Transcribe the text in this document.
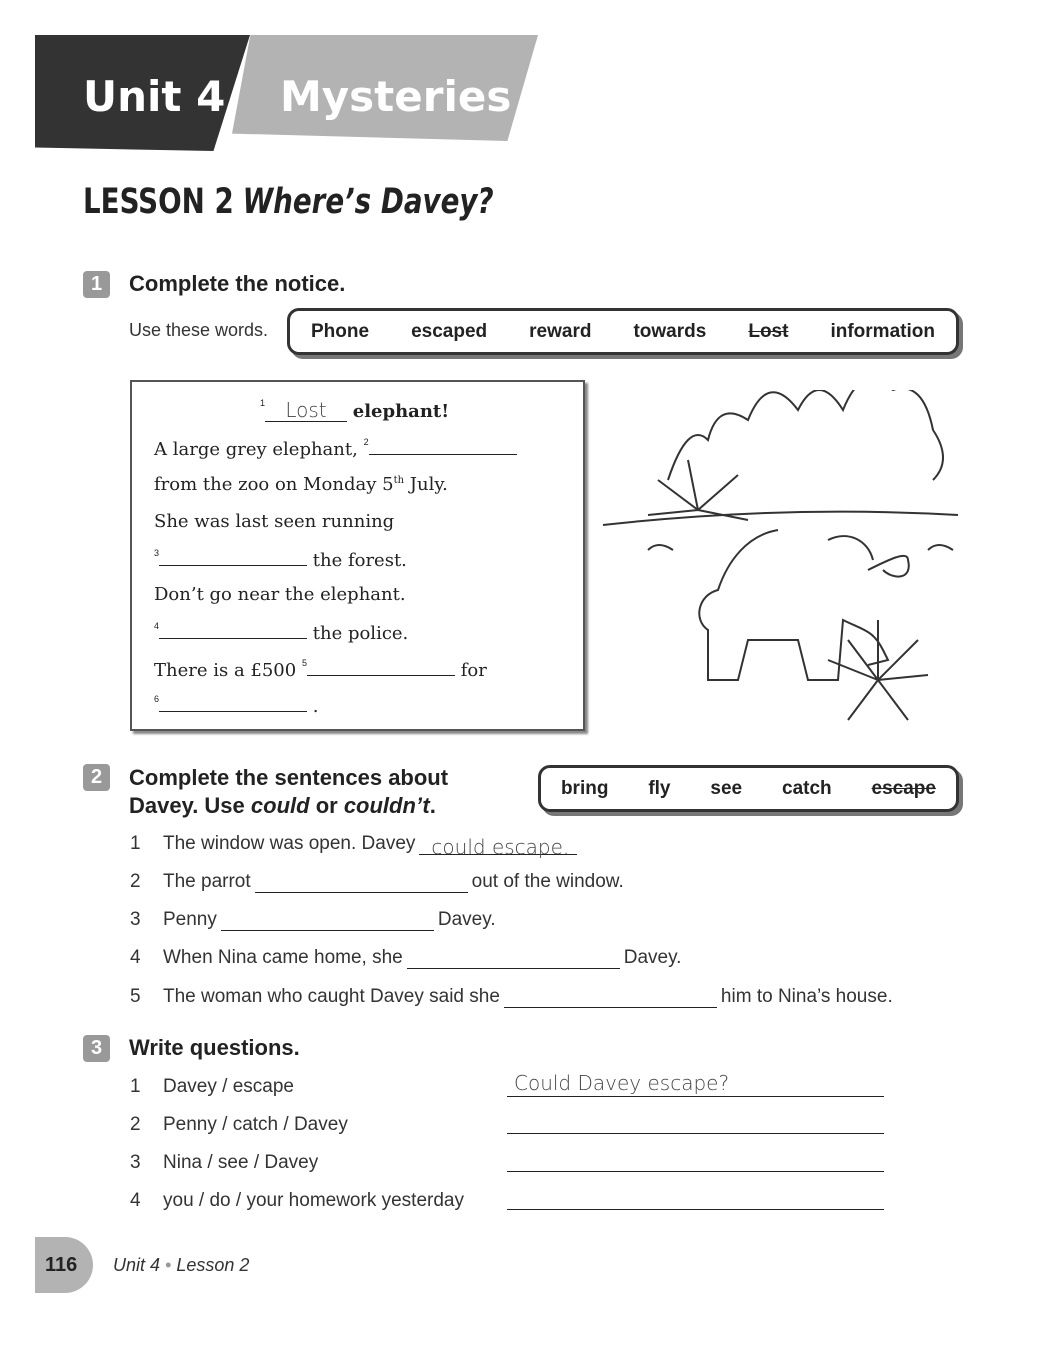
Unit 4 Mysteries
LESSON 2 Where’s Davey?
1	Complete the notice.
Use these words. Phone escaped reward towards Lost information
$^1$ Lost elephant!
A large grey elephant, $^2$
from the zoo on Monday 5th July.
She was last seen running
$^3$	the forest.
Don’t go near the elephant.
$^4$	the police.
There is a £500 $^5$	for
$^6$	.
2	Complete the sentences about
Davey. Use could or couldn’t.
bring fly see catch escape
1 The window was open. Davey could escape.
2 The parrot	out of the window.
3 Penny	Davey.
4 When Nina came home, she	Davey.
5 The woman who caught Davey said she	him to Nina’s house.
3	Write questions.
1 Davey / escape	Could Davey escape?
2 Penny / catch / Davey
3 Nina / see / Davey
4 you / do / your homework yesterday
116	Unit 4 • Lesson 2
